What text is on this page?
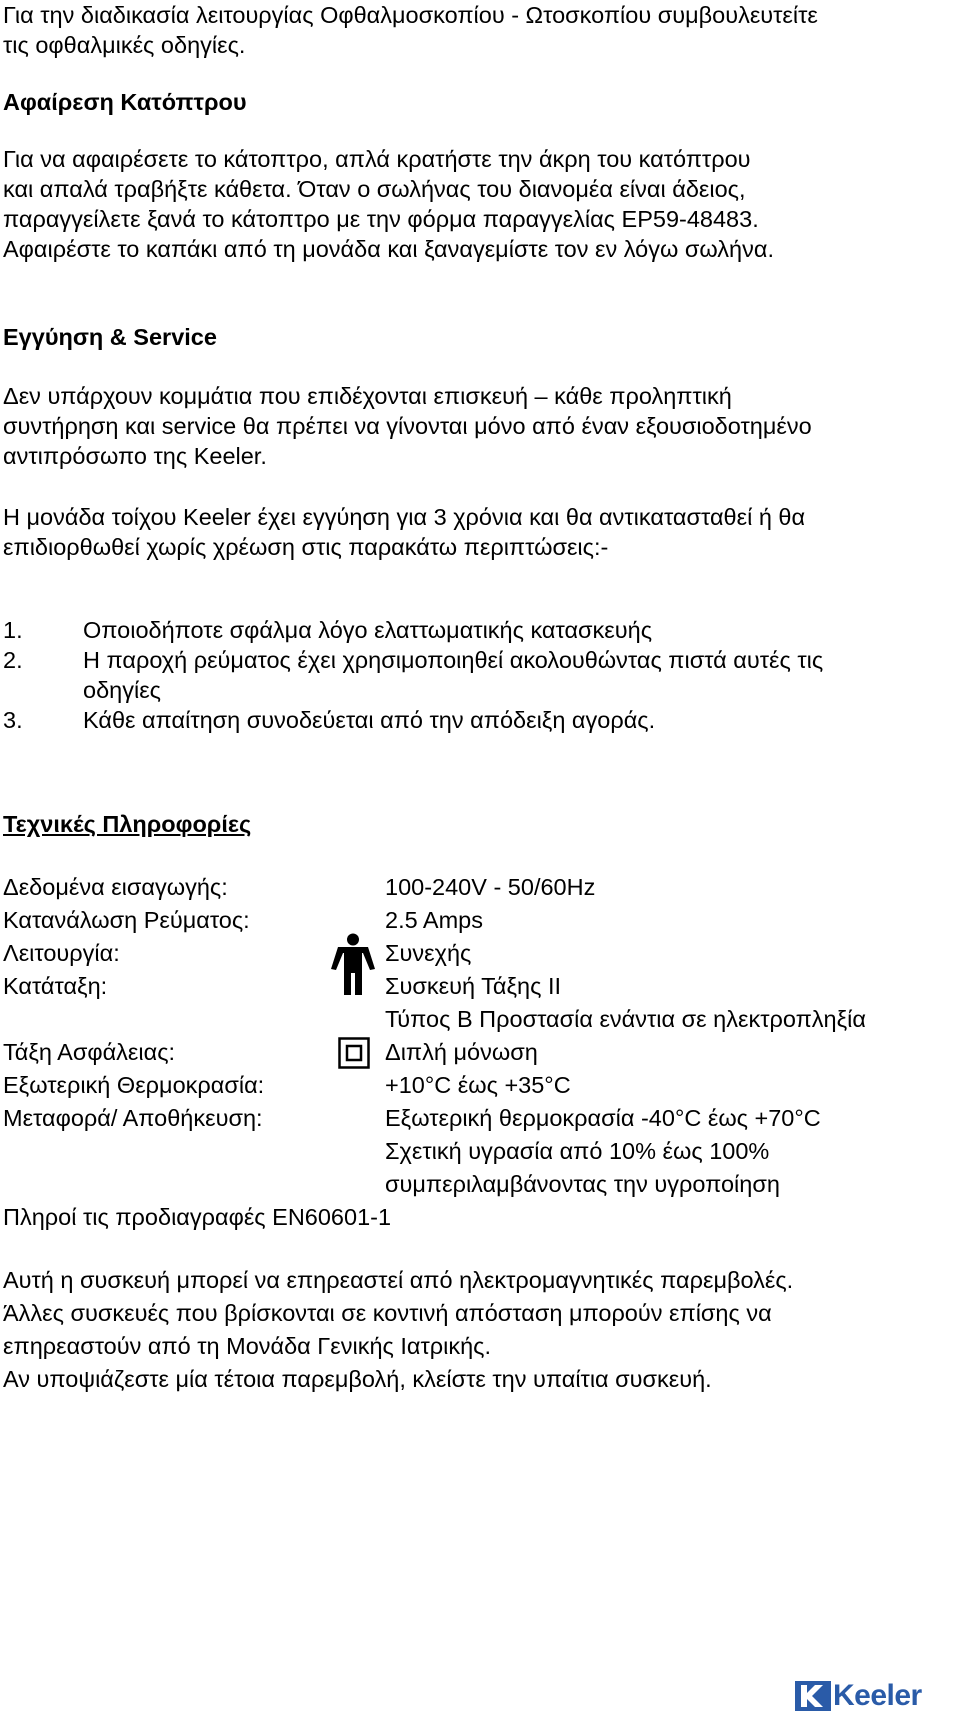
Για την διαδικασία λειτουργίας Οφθαλμοσκοπίου - Ωτοσκοπίου συμβουλευτείτε
τις οφθαλμικές οδηγίες.
Αφαίρεση Κατόπτρου
Για να αφαιρέσετε το κάτοπτρο, απλά κρατήστε την άκρη του κατόπτρου
και απαλά τραβήξτε κάθετα. Όταν ο σωλήνας του διανομέα είναι άδειος,
παραγγείλετε ξανά το κάτοπτρο με την φόρμα παραγγελίας EP59-48483.
Αφαιρέστε το καπάκι από τη μονάδα και ξαναγεμίστε τον εν λόγω σωλήνα.
Εγγύηση & Service
Δεν υπάρχουν κομμάτια που επιδέχονται επισκευή – κάθε προληπτική
συντήρηση και service θα πρέπει να γίνονται μόνο από έναν εξουσιοδοτημένο
αντιπρόσωπο της Keeler.
Η μονάδα τοίχου Keeler έχει εγγύηση για 3 χρόνια και θα αντικατασταθεί ή θα
επιδιορθωθεί χωρίς χρέωση στις παρακάτω περιπτώσεις:-
1.	Οποιοδήποτε σφάλμα λόγο ελαττωματικής κατασκευής
2.	Η παροχή ρεύματος έχει χρησιμοποιηθεί ακολουθώντας πιστά αυτές τις
οδηγίες
3.	Κάθε απαίτηση συνοδεύεται από την απόδειξη αγοράς.
Τεχνικές Πληροφορίες
Δεδομένα εισαγωγής:	100-240V - 50/60Hz
Κατανάλωση Ρεύματος:	2.5 Amps
Λειτουργία:	Συνεχής
Κατάταξη:	Συσκευή Τάξης II
Τύπος B Προστασία ενάντια σε ηλεκτροπληξία
Τάξη Ασφάλειας:	Διπλή μόνωση
Εξωτερική Θερμοκρασία:	+10°C έως +35°C
Μεταφορά/ Αποθήκευση:	Εξωτερική θερμοκρασία -40°C έως +70°C
Σχετική υγρασία από 10% έως 100%
συμπεριλαμβάνοντας την υγροποίηση
Πληροί τις προδιαγραφές EN60601-1
Αυτή η συσκευή μπορεί να επηρεαστεί από ηλεκτρομαγνητικές παρεμβολές.
Άλλες συσκευές που βρίσκονται σε κοντινή απόσταση μπορούν επίσης να
επηρεαστούν από τη Μονάδα Γενικής Ιατρικής.
Αν υποψιάζεστε μία τέτοια παρεμβολή, κλείστε την υπαίτια συσκευή.
Keeler
